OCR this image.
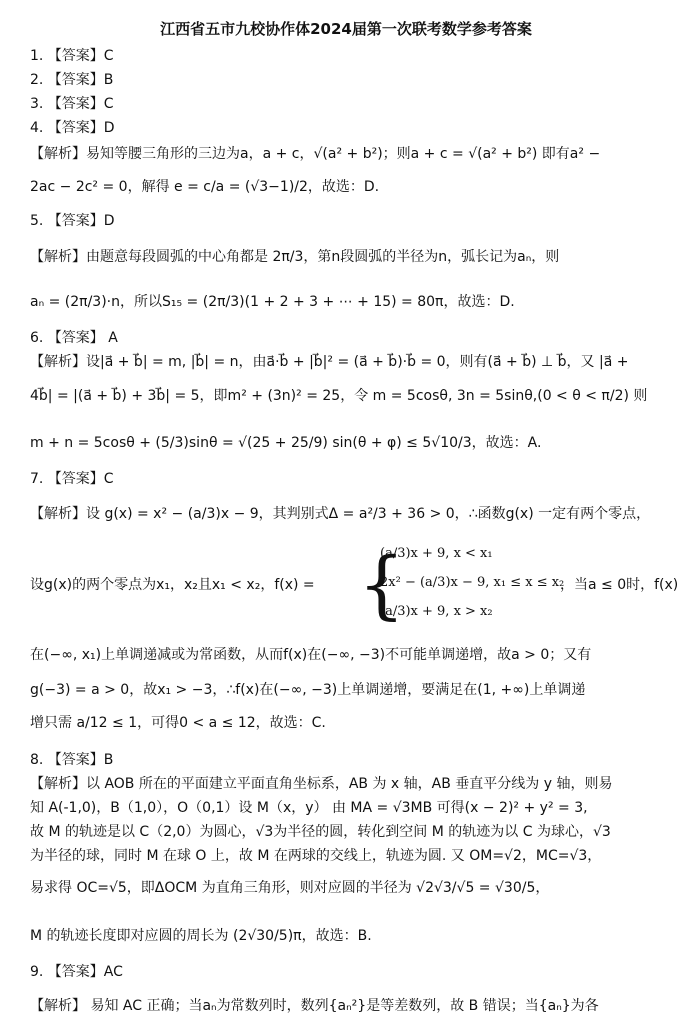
江西省五市九校协作体2024届第一次联考数学参考答案
1. 【答案】C
2. 【答案】B
3. 【答案】C
4. 【答案】D
【解析】易知等腰三角形的三边为a，a + c，√(a² + b²)；则a + c = √(a² + b²) 即有a² −
2ac − 2c² = 0，解得 e = c/a = (√3−1)/2，故选：D.
5. 【答案】D
【解析】由题意每段圆弧的中心角都是 2π/3，第n段圆弧的半径为n，弧长记为aₙ，则
aₙ = (2π/3)·n，所以S₁₅ = (2π/3)(1 + 2 + 3 + ⋯ + 15) = 80π，故选：D.
6. 【答案】 A
【解析】设|a⃗ + b⃗| = m, |b⃗| = n，由a⃗·b⃗ + |b⃗|² = (a⃗ + b⃗)·b⃗ = 0，则有(a⃗ + b⃗) ⊥ b⃗，又 |a⃗ +
4b⃗| = |(a⃗ + b⃗) + 3b⃗| = 5，即m² + (3n)² = 25，令 m = 5cosθ, 3n = 5sinθ,(0 < θ < π/2) 则
m + n = 5cosθ + (5/3)sinθ = √(25 + 25/9) sin(θ + φ) ≤ 5√10/3，故选：A.
7. 【答案】C
【解析】设 g(x) = x² − (a/3)x − 9，其判别式Δ = a²/3 + 36 > 0，∴函数g(x) 一定有两个零点，
设g(x)的两个零点为x₁，x₂且x₁ < x₂，f(x) = {
(a/3)x + 9, x < x₁
2x² − (a/3)x − 9, x₁ ≤ x ≤ x₂
(a/3)x + 9, x > x₂
，当a ≤ 0时，f(x)
在(−∞, x₁)上单调递减或为常函数，从而f(x)在(−∞, −3)不可能单调递增，故a > 0；又有
g(−3) = a > 0，故x₁ > −3，∴f(x)在(−∞, −3)上单调递增，要满足在(1, +∞)上单调递
增只需 a/12 ≤ 1，可得0 < a ≤ 12，故选：C.
8. 【答案】B
【解析】以 AOB 所在的平面建立平面直角坐标系，AB 为 x 轴，AB 垂直平分线为 y 轴，则易
知 A(-1,0)，B（1,0），O（0,1）设 M（x，y） 由 MA = √3MB 可得(x − 2)² + y² = 3,
故 M 的轨迹是以 C（2,0）为圆心，√3为半径的圆，转化到空间 M 的轨迹为以 C 为球心，√3
为半径的球，同时 M 在球 O 上，故 M 在两球的交线上，轨迹为圆. 又 OM=√2，MC=√3，
易求得 OC=√5，即ΔOCM 为直角三角形，则对应圆的半径为 √2√3/√5 = √30/5，
M 的轨迹长度即对应圆的周长为 (2√30/5)π，故选：B.
9. 【答案】AC
【解析】 易知 AC 正确；当aₙ为常数列时，数列{aₙ²}是等差数列，故 B 错误；当{aₙ}为各
